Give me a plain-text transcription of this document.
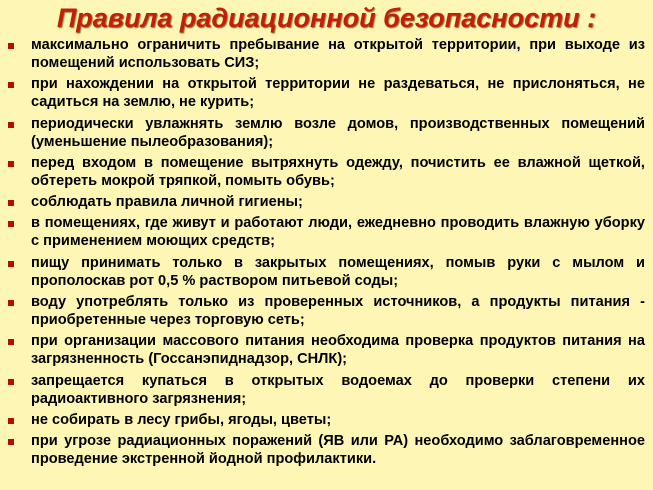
Правила радиационной безопасности :
максимально ограничить пребывание на открытой территории, при выходе из помещений использовать СИЗ;
при нахождении на открытой территории не раздеваться, не прислоняться, не садиться на землю, не курить;
периодически увлажнять землю возле домов, производственных помещений (уменьшение пылеобразования);
перед входом в помещение вытряхнуть одежду, почистить ее влажной щеткой, обтереть мокрой тряпкой, помыть обувь;
соблюдать правила личной гигиены;
в помещениях, где живут и работают люди, ежедневно проводить влажную уборку с применением моющих средств;
пищу принимать только в закрытых помещениях, помыв руки с мылом и прополоскав рот 0,5 % раствором питьевой соды;
воду употреблять только из проверенных источников, а продукты питания - приобретенные через торговую сеть;
при организации массового питания необходима проверка продуктов питания на загрязненность (Госсанэпиднадзор, СНЛК);
запрещается купаться в открытых водоемах до проверки степени их радиоактивного загрязнения;
не собирать в лесу грибы, ягоды, цветы;
при угрозе радиационных поражений (ЯВ или РА) необходимо заблаговременное проведение экстренной йодной профилактики.
